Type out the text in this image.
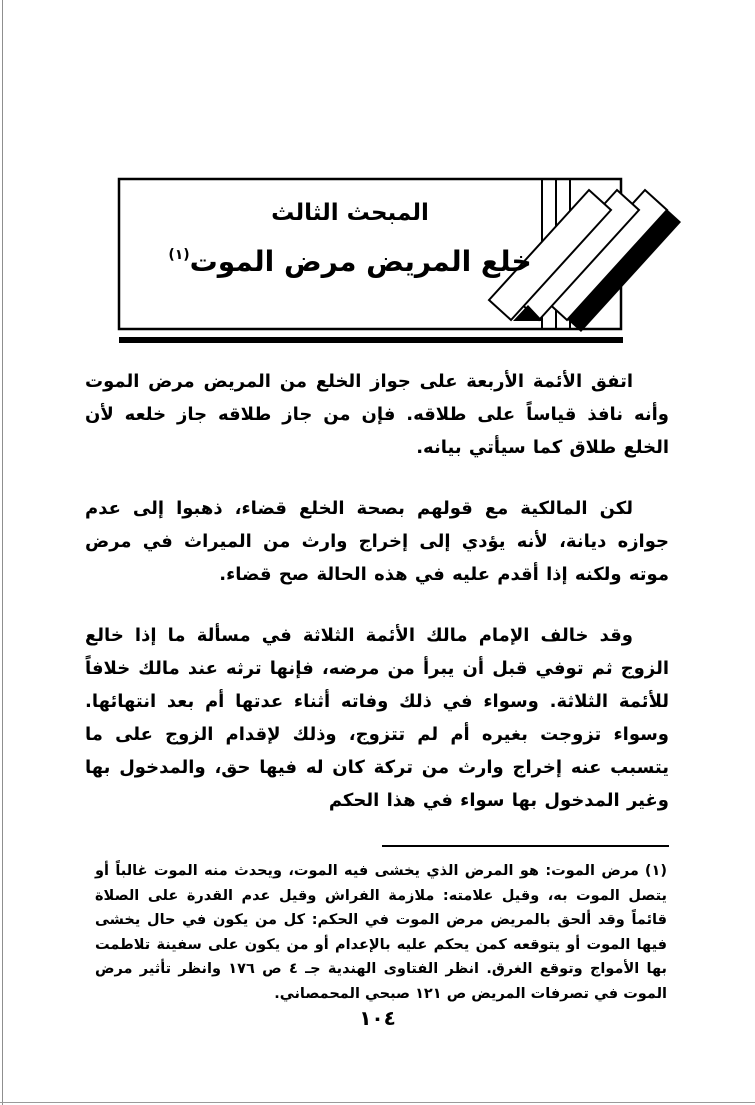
المبحث الثالث
خلع المريض مرض الموت$^{(١)}$

اتفق الأئمة الأربعة على جواز الخلع من المريض مرض الموت وأنه نافذ قياساً على طلاقه. فإن من جاز طلاقه جاز خلعه لأن الخلع طلاق كما سيأتي بيانه.

لكن المالكية مع قولهم بصحة الخلع قضاء، ذهبوا إلى عدم جوازه ديانة، لأنه يؤدي إلى إخراج وارث من الميراث في مرض موته ولكنه إذا أقدم عليه في هذه الحالة صح قضاء.

وقد خالف الإمام مالك الأئمة الثلاثة في مسألة ما إذا خالع الزوج ثم توفي قبل أن يبرأ من مرضه، فإنها ترثه عند مالك خلافاً للأئمة الثلاثة. وسواء في ذلك وفاته أثناء عدتها أم بعد انتهائها. وسواء تزوجت بغيره أم لم تتزوج، وذلك لإقدام الزوج على ما يتسبب عنه إخراج وارث من تركة كان له فيها حق، والمدخول بها وغير المدخول بها سواء في هذا الحكم

(١)مرض الموت: هو المرض الذي يخشى فيه الموت، ويحدث منه الموت غالباً أو يتصل الموت به، وقيل علامته: ملازمة الفراش وقيل عدم القدرة على الصلاة قائماً وقد ألحق بالمريض مرض الموت في الحكم: كل من يكون في حال يخشى فيها الموت أو يتوقعه كمن يحكم عليه بالإعدام أو من يكون على سفينة تلاطمت بها الأمواج وتوقع الغرق. انظر الفتاوى الهندية جـ ٤ ص ١٧٦ وانظر تأثير مرض الموت في تصرفات المريض ص ١٢١ صبحي المحمصاني.

١٠٤
